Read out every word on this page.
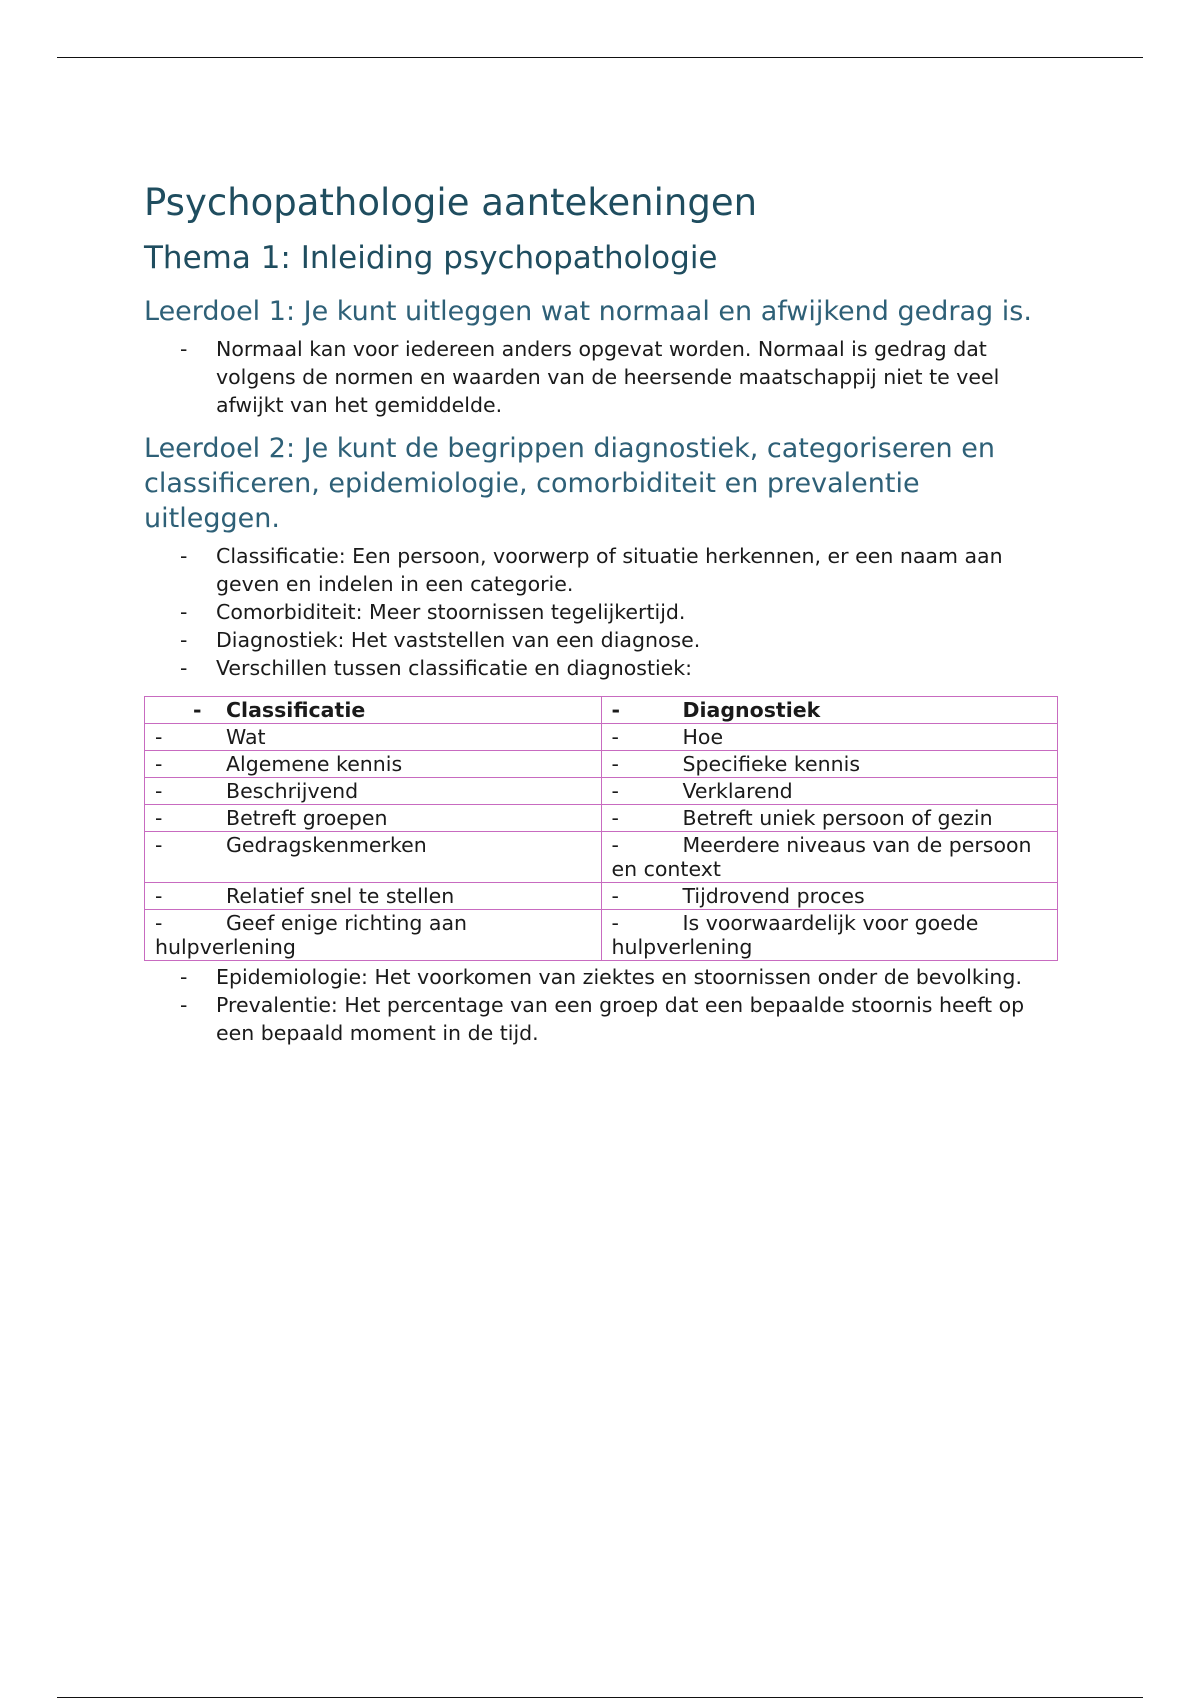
Psychopathologie aantekeningen
Thema 1: Inleiding psychopathologie
Leerdoel 1: Je kunt uitleggen wat normaal en afwijkend gedrag is.
- Normaal kan voor iedereen anders opgevat worden. Normaal is gedrag dat volgens de normen en waarden van de heersende maatschappij niet te veel afwijkt van het gemiddelde.
Leerdoel 2: Je kunt de begrippen diagnostiek, categoriseren en classificeren, epidemiologie, comorbiditeit en prevalentie uitleggen.
- Classificatie: Een persoon, voorwerp of situatie herkennen, er een naam aan geven en indelen in een categorie.
- Comorbiditeit: Meer stoornissen tegelijkertijd.
- Diagnostiek: Het vaststellen van een diagnose.
- Verschillen tussen classificatie en diagnostiek:
- Classificatie	- Diagnostiek
- Wat	- Hoe
- Algemene kennis	- Specifieke kennis
- Beschrijvend	- Verklarend
- Betreft groepen	- Betreft uniek persoon of gezin
- Gedragskenmerken	- Meerdere niveaus van de persoon en context
- Relatief snel te stellen	- Tijdrovend proces
- Geef enige richting aan hulpverlening	- Is voorwaardelijk voor goede hulpverlening
- Epidemiologie: Het voorkomen van ziektes en stoornissen onder de bevolking.
- Prevalentie: Het percentage van een groep dat een bepaalde stoornis heeft op een bepaald moment in de tijd.
